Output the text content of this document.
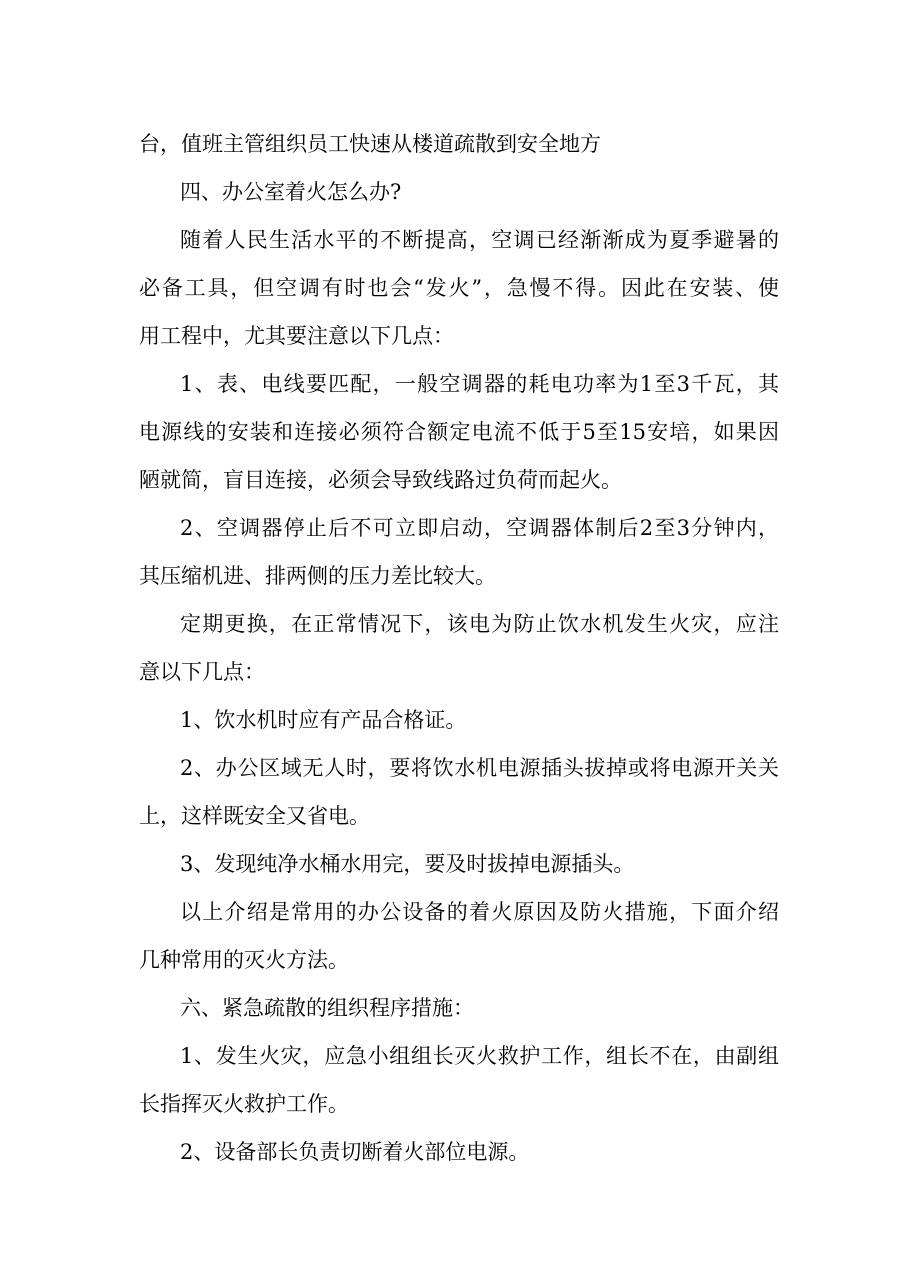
台，值班主管组织员工快速从楼道疏散到安全地方
四、办公室着火怎么办?
随着人民生活水平的不断提高，空调已经渐渐成为夏季避暑的
必备工具，但空调有时也会“发火”，急慢不得。因此在安装、使
用工程中，尤其要注意以下几点：
1、表、电线要匹配，一般空调器的耗电功率为1至3千瓦，其
电源线的安装和连接必须符合额定电流不低于5至15安培，如果因
陋就简，盲目连接，必须会导致线路过负荷而起火。
2、空调器停止后不可立即启动，空调器体制后2至3分钟内，
其压缩机进、排两侧的压力差比较大。
定期更换，在正常情况下，该电为防止饮水机发生火灾，应注
意以下几点：
1、饮水机时应有产品合格证。
2、办公区域无人时，要将饮水机电源插头拔掉或将电源开关关
上，这样既安全又省电。
3、发现纯净水桶水用完，要及时拔掉电源插头。
以上介绍是常用的办公设备的着火原因及防火措施，下面介绍
几种常用的灭火方法。
六、紧急疏散的组织程序措施：
1、发生火灾，应急小组组长灭火救护工作，组长不在，由副组
长指挥灭火救护工作。
2、设备部长负责切断着火部位电源。
